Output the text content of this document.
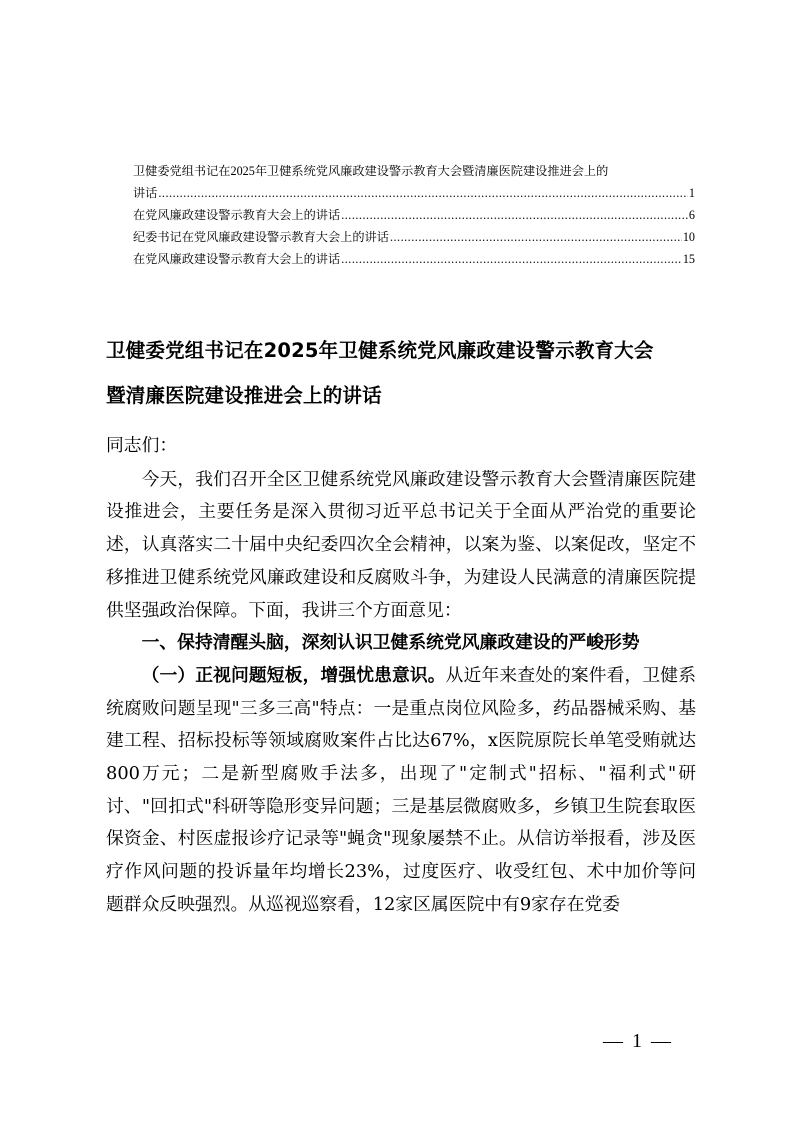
卫健委党组书记在2025年卫健系统党风廉政建设警示教育大会暨清廉医院建设推进会上的
讲话 .....	1
在党风廉政建设警示教育大会上的讲话 .....	6
纪委书记在党风廉政建设警示教育大会上的讲话 .....	10
在党风廉政建设警示教育大会上的讲话 .....	15
卫健委党组书记在2025年卫健系统党风廉政建设警示教育大会
暨清廉医院建设推进会上的讲话

同志们：

今天，我们召开全区卫健系统党风廉政建设警示教育大会暨清廉医院建设推进会，主要任务是深入贯彻习近平总书记关于全面从严治党的重要论述，认真落实二十届中央纪委四次全会精神，以案为鉴、以案促改，坚定不移推进卫健系统党风廉政建设和反腐败斗争，为建设人民满意的清廉医院提供坚强政治保障。下面，我讲三个方面意见：

一、保持清醒头脑，深刻认识卫健系统党风廉政建设的严峻形势

（一）正视问题短板，增强忧患意识。从近年来查处的案件看，卫健系统腐败问题呈现"三多三高"特点：一是重点岗位风险多，药品器械采购、基建工程、招标投标等领域腐败案件占比达67%，x医院原院长单笔受贿就达800万元；二是新型腐败手法多，出现了"定制式"招标、"福利式"研讨、"回扣式"科研等隐形变异问题；三是基层微腐败多，乡镇卫生院套取医保资金、村医虚报诊疗记录等"蝇贪"现象屡禁不止。从信访举报看，涉及医疗作风问题的投诉量年均增长23%，过度医疗、收受红包、术中加价等问题群众反映强烈。从巡视巡察看，12家区属医院中有9家存在党委

— 1 —
